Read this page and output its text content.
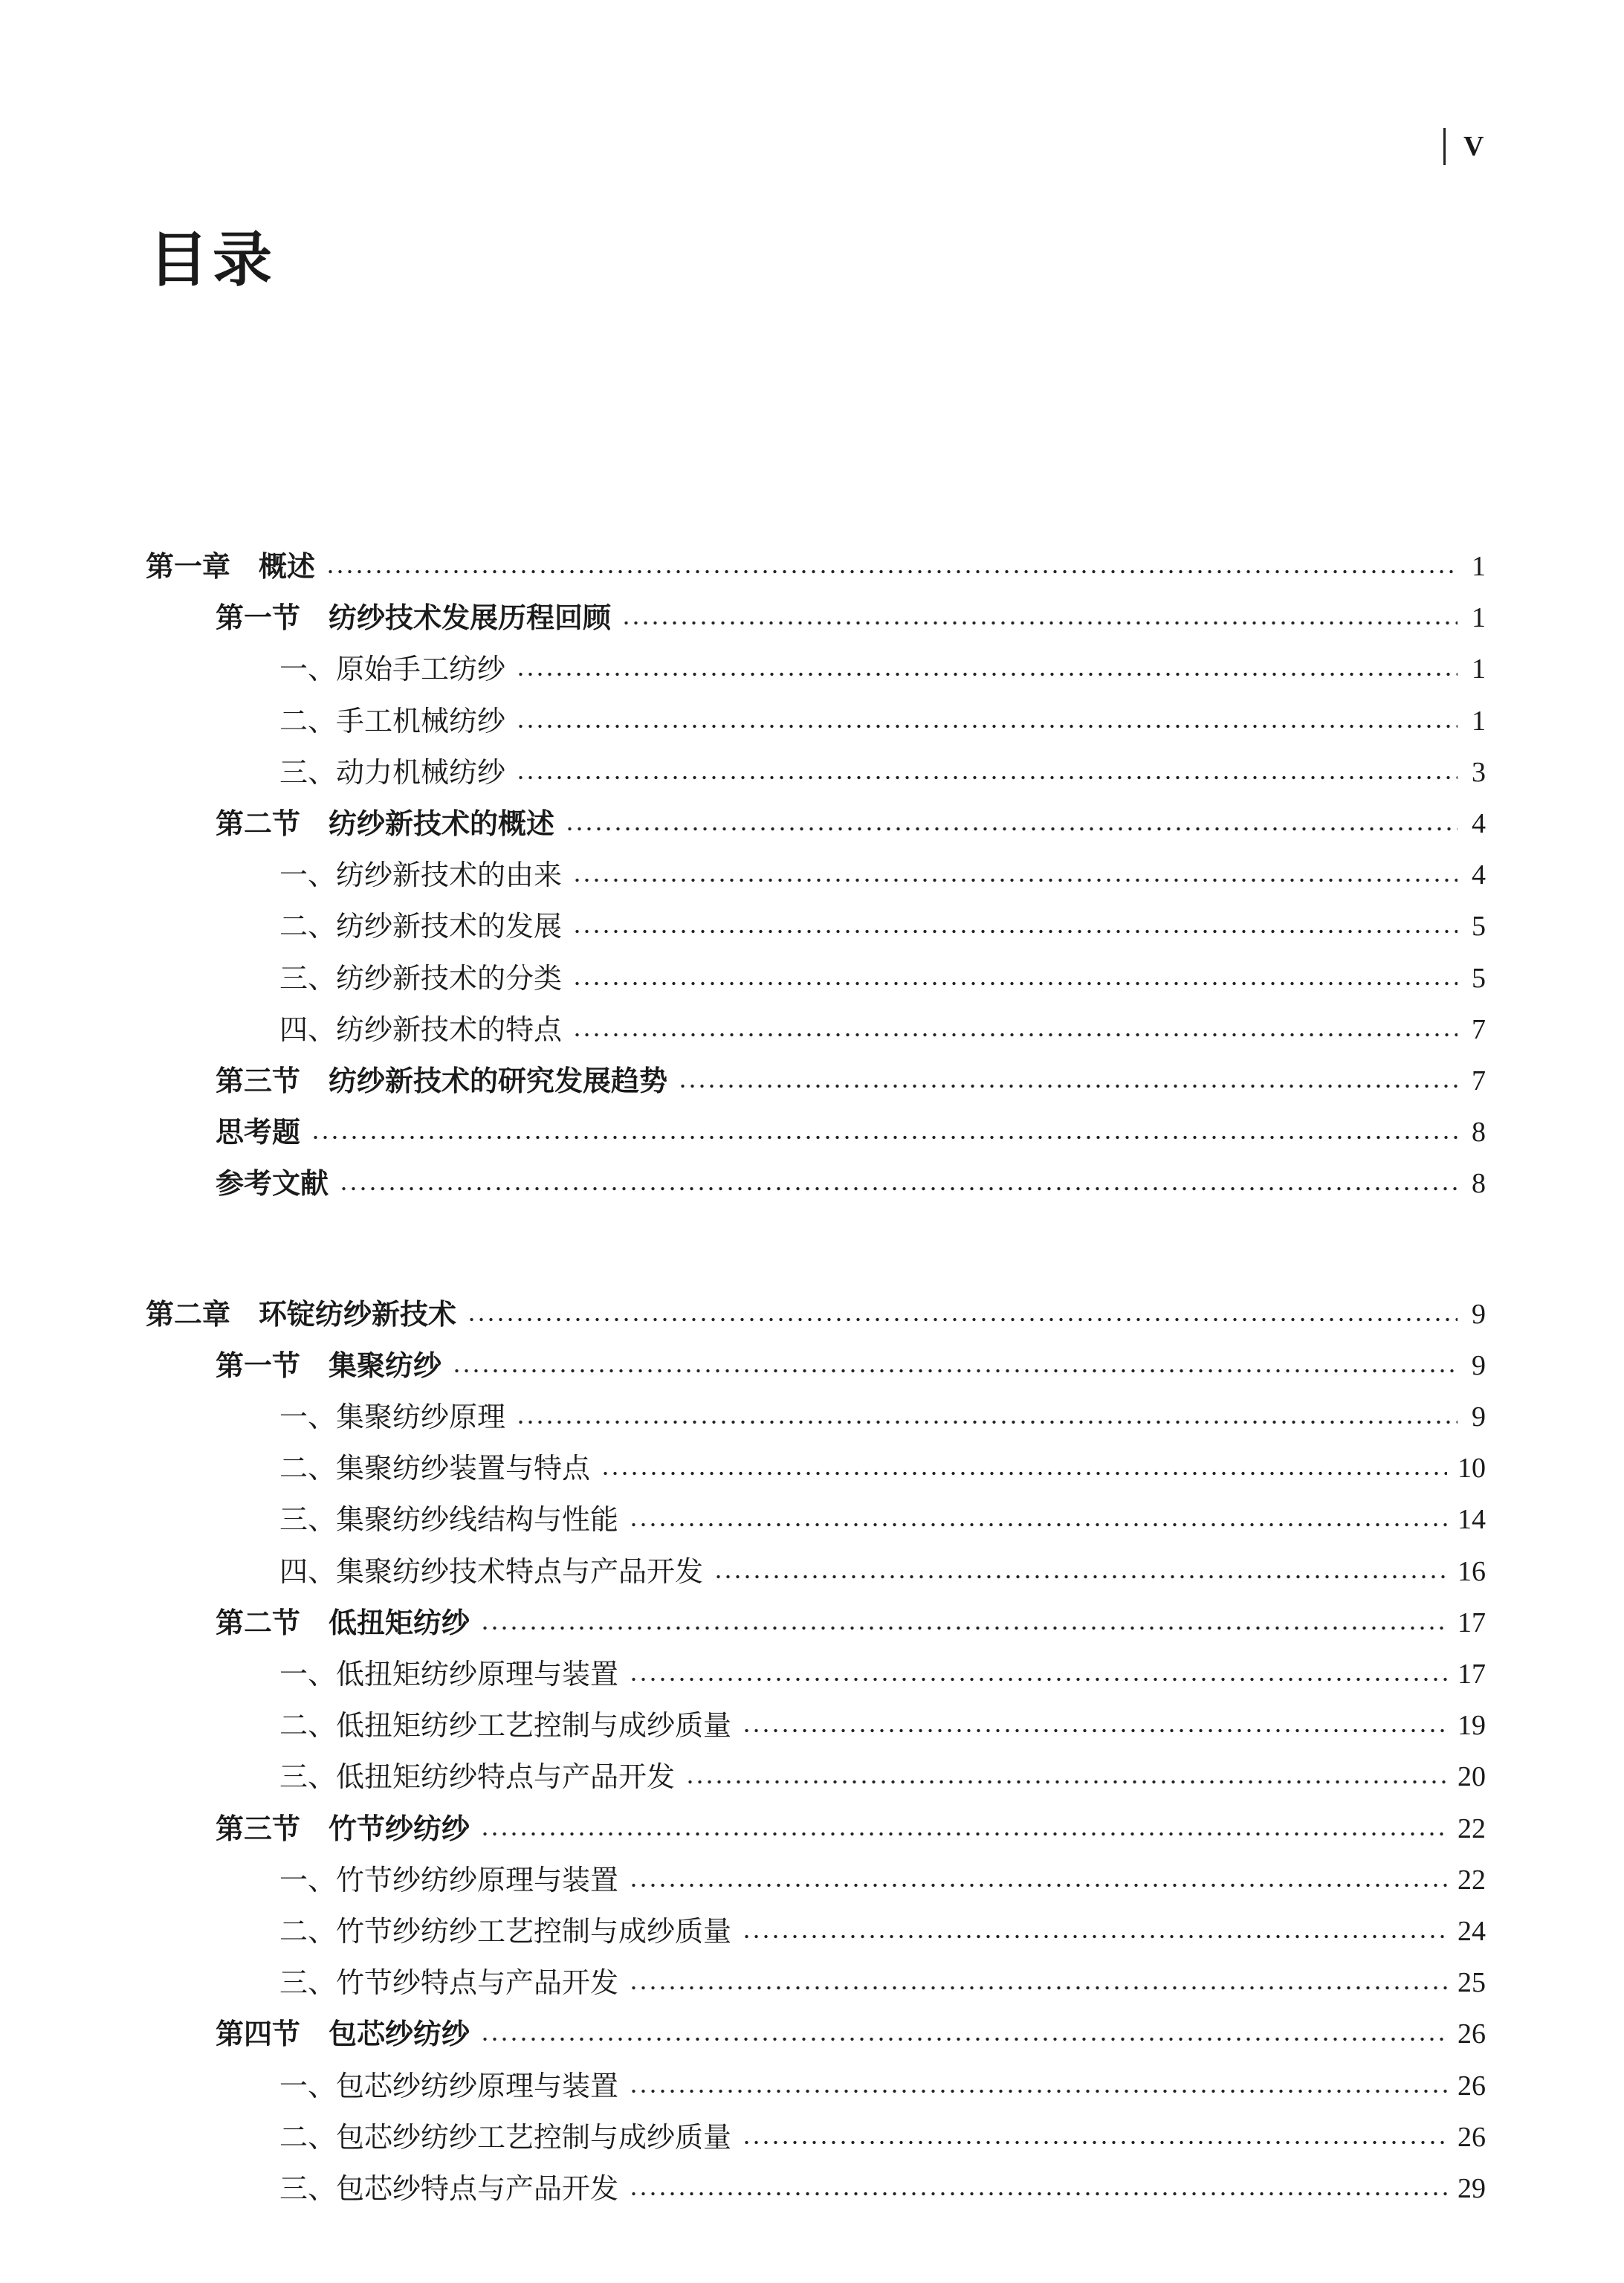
V
目录
第一章　概述	1
第一节　纺纱技术发展历程回顾	1
一、原始手工纺纱	1
二、手工机械纺纱	1
三、动力机械纺纱	3
第二节　纺纱新技术的概述	4
一、纺纱新技术的由来	4
二、纺纱新技术的发展	5
三、纺纱新技术的分类	5
四、纺纱新技术的特点	7
第三节　纺纱新技术的研究发展趋势	7
思考题	8
参考文献	8
第二章　环锭纺纱新技术	9
第一节　集聚纺纱	9
一、集聚纺纱原理	9
二、集聚纺纱装置与特点	10
三、集聚纺纱线结构与性能	14
四、集聚纺纱技术特点与产品开发	16
第二节　低扭矩纺纱	17
一、低扭矩纺纱原理与装置	17
二、低扭矩纺纱工艺控制与成纱质量	19
三、低扭矩纺纱特点与产品开发	20
第三节　竹节纱纺纱	22
一、竹节纱纺纱原理与装置	22
二、竹节纱纺纱工艺控制与成纱质量	24
三、竹节纱特点与产品开发	25
第四节　包芯纱纺纱	26
一、包芯纱纺纱原理与装置	26
二、包芯纱纺纱工艺控制与成纱质量	26
三、包芯纱特点与产品开发	29
